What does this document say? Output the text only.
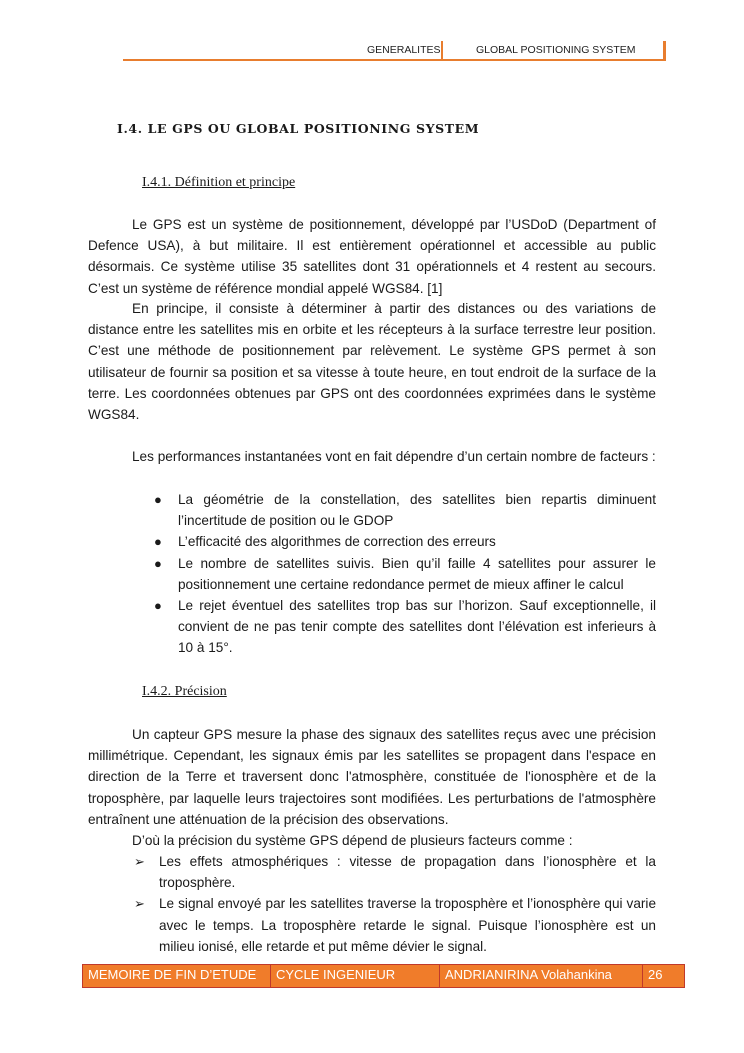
GENERALITES	GLOBAL POSITIONING SYSTEM
I.4. LE GPS OU GLOBAL POSITIONING SYSTEM
I.4.1. Définition et principe

Le GPS est un système de positionnement, développé par l’USDoD (Department of Defence USA), à but militaire. Il est entièrement opérationnel et accessible au public désormais. Ce système utilise 35 satellites dont 31 opérationnels et 4 restent au secours. C’est un système de référence mondial appelé WGS84. [1]

En principe, il consiste à déterminer à partir des distances ou des variations de distance entre les satellites mis en orbite et les récepteurs à la surface terrestre leur position. C’est une méthode de positionnement par relèvement. Le système GPS permet à son utilisateur de fournir sa position et sa vitesse à toute heure, en tout endroit de la surface de la terre. Les coordonnées obtenues par GPS ont des coordonnées exprimées dans le système WGS84.

Les performances instantanées vont en fait dépendre d’un certain nombre de facteurs :

● La géométrie de la constellation, des satellites bien repartis diminuent l’incertitude de position ou le GDOP
● L’efficacité des algorithmes de correction des erreurs
● Le nombre de satellites suivis. Bien qu’il faille 4 satellites pour assurer le positionnement une certaine redondance permet de mieux affiner le calcul
● Le rejet éventuel des satellites trop bas sur l’horizon. Sauf exceptionnelle, il convient de ne pas tenir compte des satellites dont l’élévation est inferieurs à 10 à 15°.
I.4.2. Précision

Un capteur GPS mesure la phase des signaux des satellites reçus avec une précision millimétrique. Cependant, les signaux émis par les satellites se propagent dans l'espace en direction de la Terre et traversent donc l'atmosphère, constituée de l'ionosphère et de la troposphère, par laquelle leurs trajectoires sont modifiées. Les perturbations de l'atmosphère entraînent une atténuation de la précision des observations.

D’où la précision du système GPS dépend de plusieurs facteurs comme :

➢ Les effets atmosphériques : vitesse de propagation dans l’ionosphère et la troposphère.
➢ Le signal envoyé par les satellites traverse la troposphère et l’ionosphère qui varie avec le temps. La troposphère retarde le signal. Puisque l’ionosphère est un milieu ionisé, elle retarde et put même dévier le signal.
MEMOIRE DE FIN D’ETUDE	CYCLE INGENIEUR	ANDRIANIRINA Volahankina	26
